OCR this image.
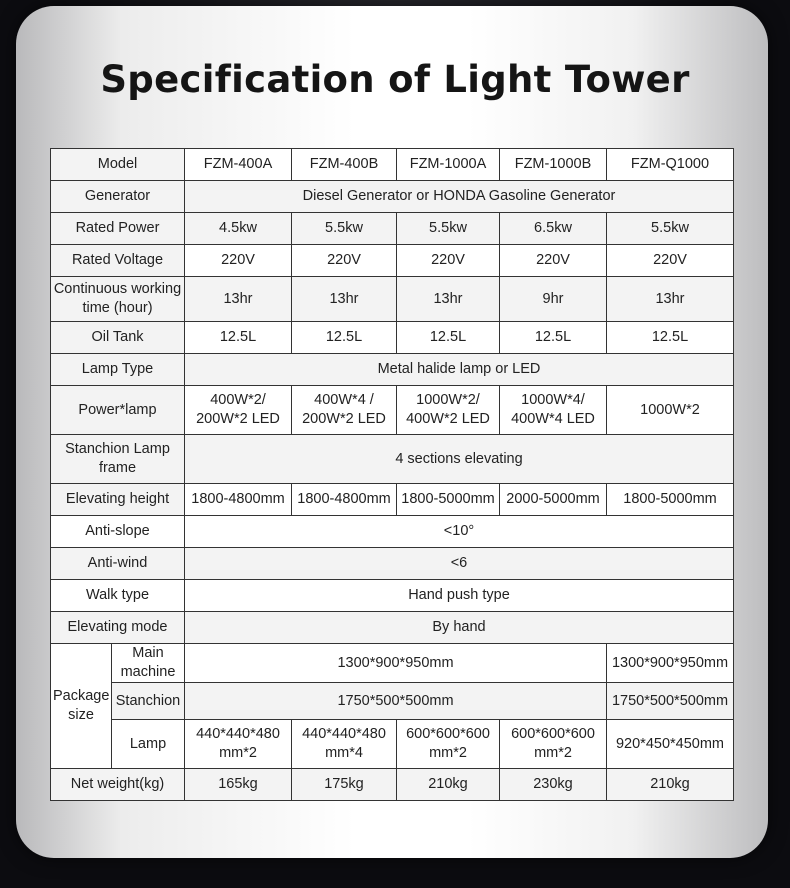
Specification of Light Tower
Model		FZM-400A	FZM-400B	FZM-1000A	FZM-1000B	FZM-Q1000
Generator		Diesel Generator or HONDA Gasoline Generator				
Rated Power		4.5kw	5.5kw	5.5kw	6.5kw	5.5kw
Rated Voltage		220V	220V	220V	220V	220V
Continuous working time (hour)		13hr	13hr	13hr	9hr	13hr
Oil Tank		12.5L	12.5L	12.5L	12.5L	12.5L
Lamp Type		Metal halide lamp or LED				
Power*lamp		400W*2/ 200W*2 LED	400W*4 / 200W*2 LED	1000W*2/ 400W*2 LED	1000W*4/ 400W*4 LED	1000W*2
Stanchion Lamp frame		4 sections elevating				
Elevating height		1800-4800mm	1800-4800mm	1800-5000mm	2000-5000mm	1800-5000mm
Anti-slope		<10°				
Anti-wind		<6				
Walk type		Hand push type				
Elevating mode		By hand				
Package size	Main machine	1300*900*950mm				1300*900*950mm
	Stanchion	1750*500*500mm				1750*500*500mm
	Lamp	440*440*480 mm*2	440*440*480 mm*4	600*600*600 mm*2	600*600*600 mm*2	920*450*450mm
Net weight(kg)		165kg	175kg	210kg	230kg	210kg
